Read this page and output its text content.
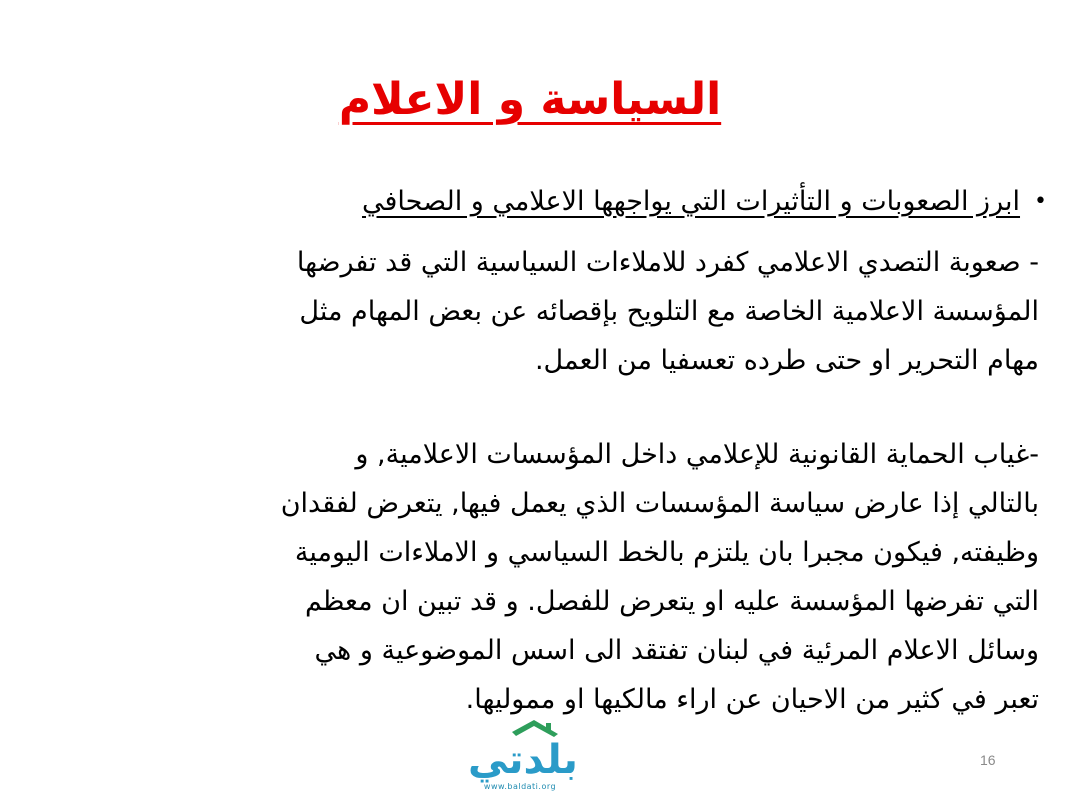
السياسة و الاعلام
•ابرز الصعوبات و التأثيرات التي يواجهها الاعلامي و الصحافي
- صعوبة التصدي الاعلامي كفرد للاملاءات السياسية التي قد تفرضها
المؤسسة الاعلامية الخاصة مع التلويح بإقصائه عن بعض المهام مثل
مهام التحرير او حتى طرده تعسفيا من العمل.
-غياب الحماية القانونية للإعلامي داخل المؤسسات الاعلامية, و
بالتالي إذا عارض سياسة المؤسسات الذي يعمل فيها, يتعرض لفقدان
وظيفته, فيكون مجبرا بان يلتزم بالخط السياسي و الاملاءات اليومية
التي تفرضها المؤسسة عليه او يتعرض للفصل. و قد تبين ان معظم
وسائل الاعلام المرئية في لبنان تفتقد الى اسس الموضوعية و هي
تعبر في كثير من الاحيان عن اراء مالكيها او مموليها.
بلدتي
www.baldati.org
16
